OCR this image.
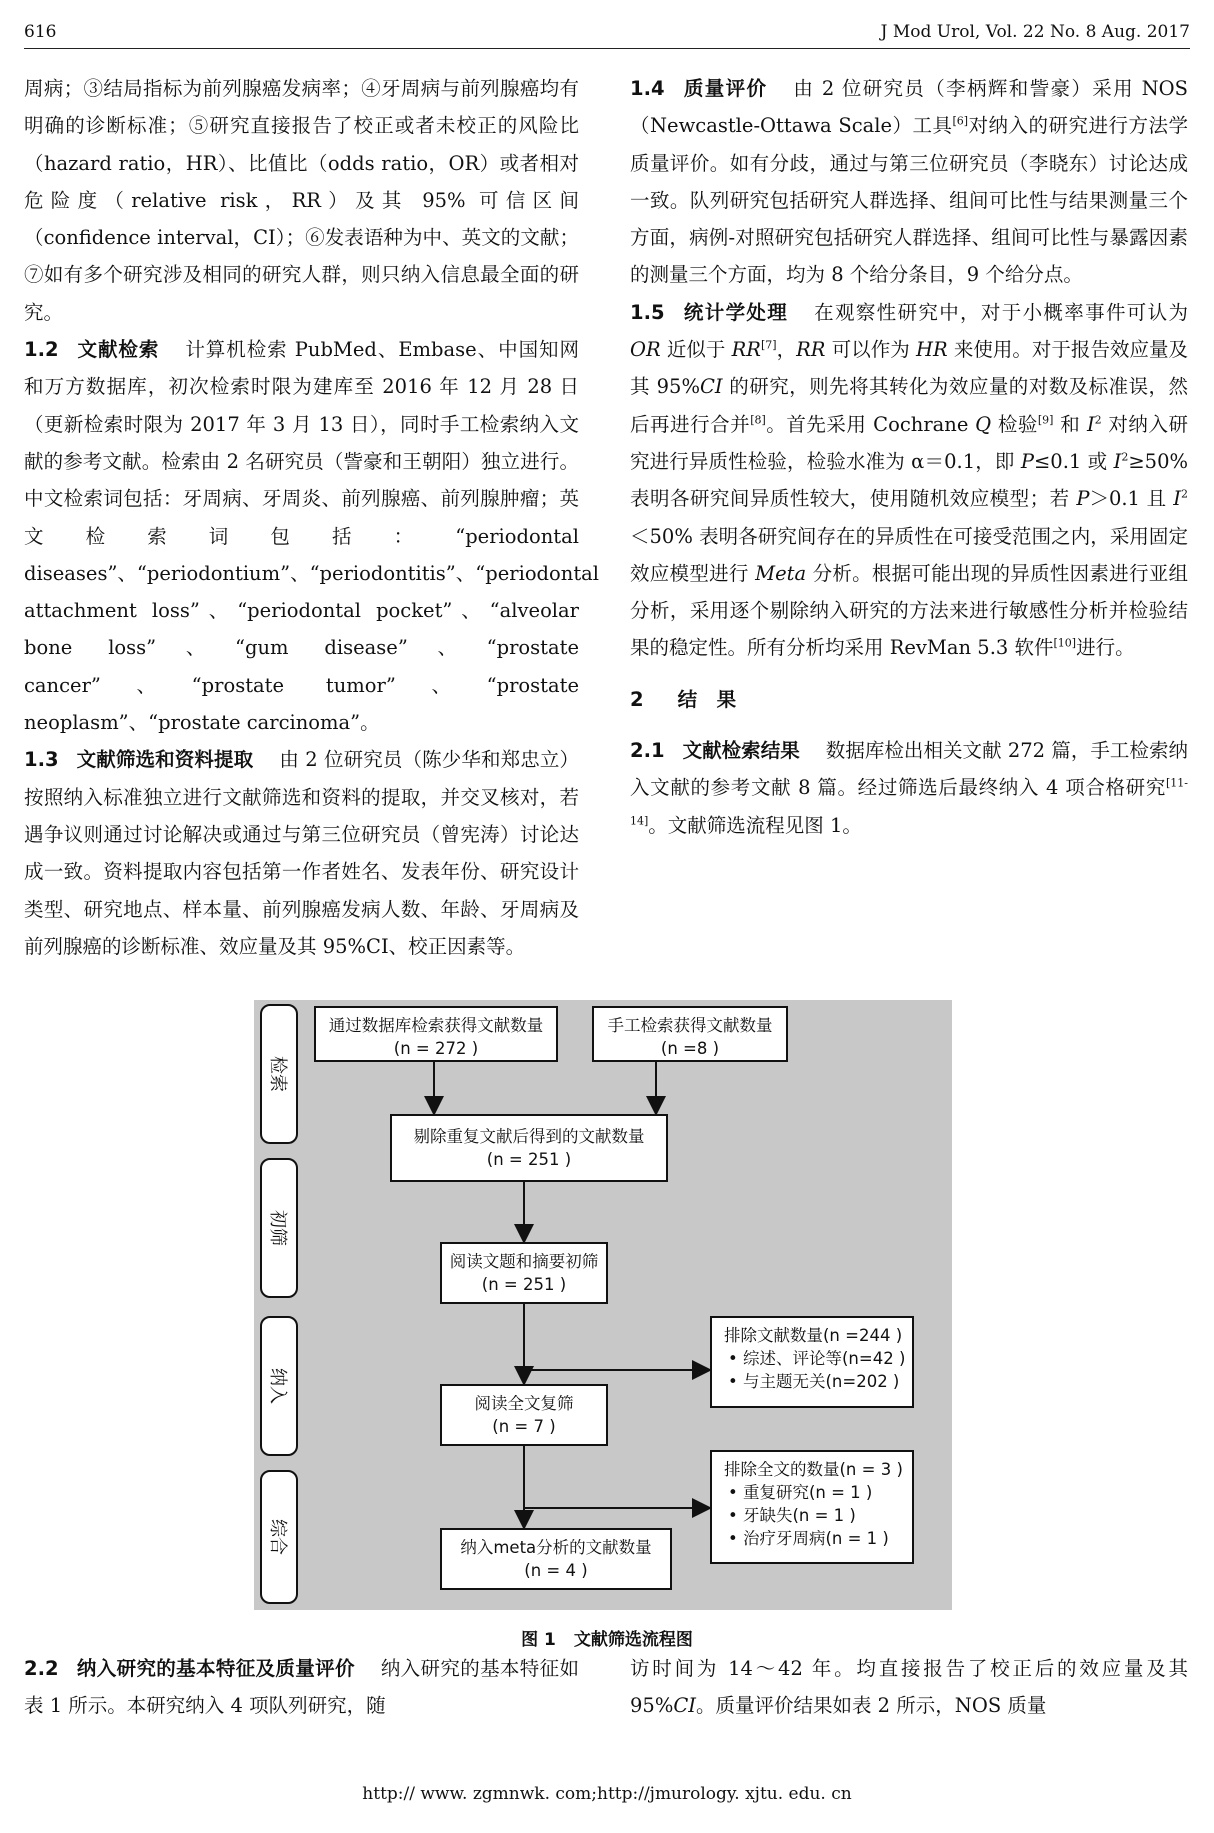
616	J Mod Urol, Vol. 22 No. 8 Aug. 2017

周病；③结局指标为前列腺癌发病率；④牙周病与前列腺癌均有明确的诊断标准；⑤研究直接报告了校正或者未校正的风险比（hazard ratio，HR）、比值比（odds ratio，OR）或者相对危险度（relative risk，RR）及其 95% 可信区间（confidence interval，CI）；⑥发表语种为中、英文的文献；⑦如有多个研究涉及相同的研究人群，则只纳入信息最全面的研究。

1.2 文献检索 计算机检索 PubMed、Embase、中国知网和万方数据库，初次检索时限为建库至 2016 年 12 月 28 日（更新检索时限为 2017 年 3 月 13 日），同时手工检索纳入文献的参考文献。检索由 2 名研究员（訾豪和王朝阳）独立进行。中文检索词包括：牙周病、牙周炎、前列腺癌、前列腺肿瘤；英文检索词包括：“periodontal diseases”、“periodontium”、“periodontitis”、“periodontal attachment loss”、“periodontal pocket”、“alveolar bone loss”、“gum disease”、“prostate cancer”、“prostate tumor”、“prostate neoplasm”、“prostate carcinoma”。

1.3 文献筛选和资料提取 由 2 位研究员（陈少华和郑忠立）按照纳入标准独立进行文献筛选和资料的提取，并交叉核对，若遇争议则通过讨论解决或通过与第三位研究员（曾宪涛）讨论达成一致。资料提取内容包括第一作者姓名、发表年份、研究设计类型、研究地点、样本量、前列腺癌发病人数、年龄、牙周病及前列腺癌的诊断标准、效应量及其 95%CI、校正因素等。

1.4 质量评价 由 2 位研究员（李柄辉和訾豪）采用 NOS（Newcastle-Ottawa Scale）工具[6]对纳入的研究进行方法学质量评价。如有分歧，通过与第三位研究员（李晓东）讨论达成一致。队列研究包括研究人群选择、组间可比性与结果测量三个方面，病例-对照研究包括研究人群选择、组间可比性与暴露因素的测量三个方面，均为 8 个给分条目，9 个给分点。

1.5 统计学处理 在观察性研究中，对于小概率事件可认为 OR 近似于 RR[7]，RR 可以作为 HR 来使用。对于报告效应量及其 95%CI 的研究，则先将其转化为效应量的对数及标准误，然后再进行合并[8]。首先采用 Cochrane Q 检验[9] 和 $I^2$ 对纳入研究进行异质性检验，检验水准为 α＝0.1，即 P≤0.1 或 $I^2\ge 50\%$ 表明各研究间异质性较大，使用随机效应模型；若 P＞0.1 且 $I^2<50\%$ 表明各研究间存在的异质性在可接受范围之内，采用固定效应模型进行 Meta 分析。根据可能出现的异质性因素进行亚组分析，采用逐个剔除纳入研究的方法来进行敏感性分析并检验结果的稳定性。所有分析均采用 RevMan 5.3 软件[10]进行。

2 结　果

2.1 文献检索结果 数据库检出相关文献 272 篇，手工检索纳入文献的参考文献 8 篇。经过筛选后最终纳入 4 项合格研究[11-14]。文献筛选流程见图 1。

检索
初筛
纳入
综合
通过数据库检索获得文献数量
(n = 272 )
手工检索获得文献数量
(n =8 )
剔除重复文献后得到的文献数量
(n = 251 )
阅读文题和摘要初筛
(n = 251 )
排除文献数量(n =244 )
• 综述、评论等(n=42 )
• 与主题无关(n=202 )
阅读全文复筛
(n = 7 )
排除全文的数量(n = 3 )
• 重复研究(n = 1 )
• 牙缺失(n = 1 )
• 治疗牙周病(n = 1 )
纳入meta分析的文献数量
(n = 4 )
图 1 文献筛选流程图

2.2 纳入研究的基本特征及质量评价 纳入研究的基本特征如表 1 所示。本研究纳入 4 项队列研究，随

访时间为 14～42 年。均直接报告了校正后的效应量及其 95%CI。质量评价结果如表 2 所示，NOS 质量

http:// www. zgmnwk. com;http://jmurology. xjtu. edu. cn
